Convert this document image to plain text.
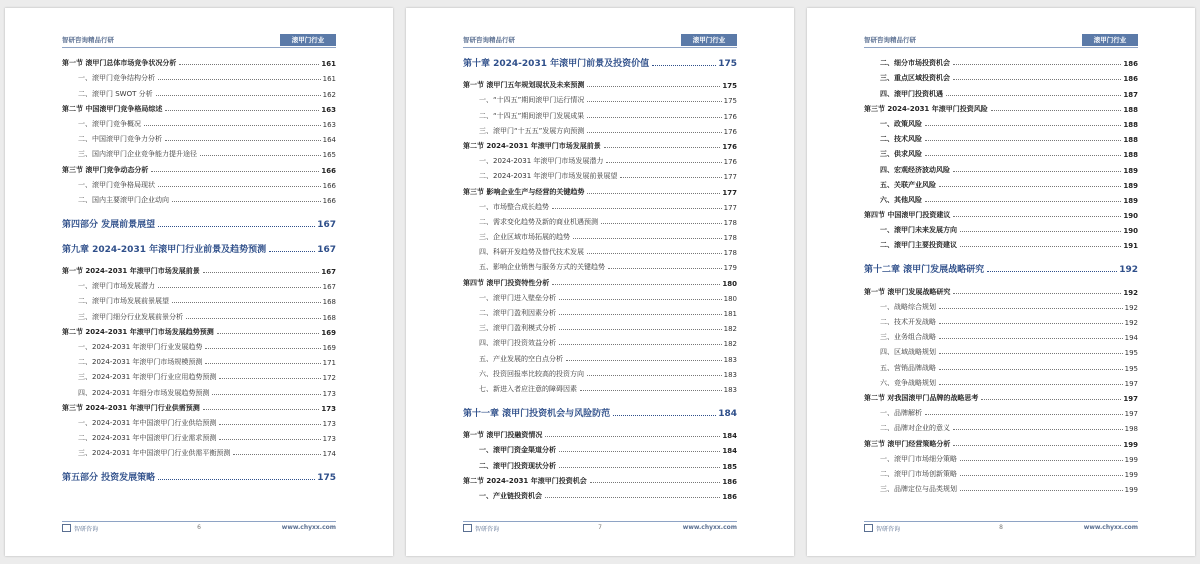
智研咨询精品行研	滚甲门行业
第一节 滚甲门总体市场竞争状况分析	161
一、滚甲门竞争结构分析	161
二、滚甲门 SWOT 分析	162
第二节 中国滚甲门竞争格局综述	163
一、滚甲门竞争概况	163
二、中国滚甲门竞争力分析	164
三、国内滚甲门企业竞争能力提升途径	165
第三节 滚甲门竞争动态分析	166
一、滚甲门竞争格局现状	166
二、国内主要滚甲门企业动向	166
第四部分 发展前景展望	167
第九章 2024-2031 年滚甲门行业前景及趋势预测	167
第一节 2024-2031 年滚甲门市场发展前景	167
一、滚甲门市场发展潜力	167
二、滚甲门市场发展前景展望	168
三、滚甲门细分行业发展前景分析	168
第二节 2024-2031 年滚甲门市场发展趋势预测	169
一、2024-2031 年滚甲门行业发展趋势	169
二、2024-2031 年滚甲门市场规模预测	171
三、2024-2031 年滚甲门行业应用趋势预测	172
四、2024-2031 年细分市场发展趋势预测	173
第三节 2024-2031 年滚甲门行业供需预测	173
一、2024-2031 年中国滚甲门行业供给预测	173
二、2024-2031 年中国滚甲门行业需求预测	173
三、2024-2031 年中国滚甲门行业供需平衡预测	174
第五部分 投资发展策略	175
智研咨询	6	www.chyxx.com
智研咨询精品行研	滚甲门行业
第十章 2024-2031 年滚甲门前景及投资价值	175
第一节 滚甲门五年规划现状及未来预测	175
一、“十四五”期间滚甲门运行情况	175
二、“十四五”期间滚甲门发展成果	176
三、滚甲门“十五五”发展方向预测	176
第二节 2024-2031 年滚甲门市场发展前景	176
一、2024-2031 年滚甲门市场发展潜力	176
二、2024-2031 年滚甲门市场发展前景展望	177
第三节 影响企业生产与经营的关键趋势	177
一、市场整合成长趋势	177
二、需求变化趋势及新的商业机遇预测	178
三、企业区域市场拓展的趋势	178
四、科研开发趋势及替代技术发展	178
五、影响企业销售与服务方式的关键趋势	179
第四节 滚甲门投资特性分析	180
一、滚甲门进入壁垒分析	180
二、滚甲门盈利因素分析	181
三、滚甲门盈利模式分析	182
四、滚甲门投资效益分析	182
五、产业发展的空白点分析	183
六、投资回报率比较高的投资方向	183
七、新进入者应注意的障碍因素	183
第十一章 滚甲门投资机会与风险防范	184
第一节 滚甲门投融资情况	184
一、滚甲门资金渠道分析	184
二、滚甲门投资现状分析	185
第二节 2024-2031 年滚甲门投资机会	186
一、产业链投资机会	186
智研咨询	7	www.chyxx.com
智研咨询精品行研	滚甲门行业
二、细分市场投资机会	186
三、重点区域投资机会	186
四、滚甲门投资机遇	187
第三节 2024-2031 年滚甲门投资风险	188
一、政策风险	188
二、技术风险	188
三、供求风险	188
四、宏观经济波动风险	189
五、关联产业风险	189
六、其他风险	189
第四节 中国滚甲门投资建议	190
一、滚甲门未来发展方向	190
二、滚甲门主要投资建议	191
第十二章 滚甲门发展战略研究	192
第一节 滚甲门发展战略研究	192
一、战略综合规划	192
二、技术开发战略	192
三、业务组合战略	194
四、区域战略规划	195
五、营销品牌战略	195
六、竞争战略规划	197
第二节 对我国滚甲门品牌的战略思考	197
一、品牌解析	197
二、品牌对企业的意义	198
第三节 滚甲门经营策略分析	199
一、滚甲门市场细分策略	199
二、滚甲门市场创新策略	199
三、品牌定位与品类规划	199
智研咨询	8	www.chyxx.com
